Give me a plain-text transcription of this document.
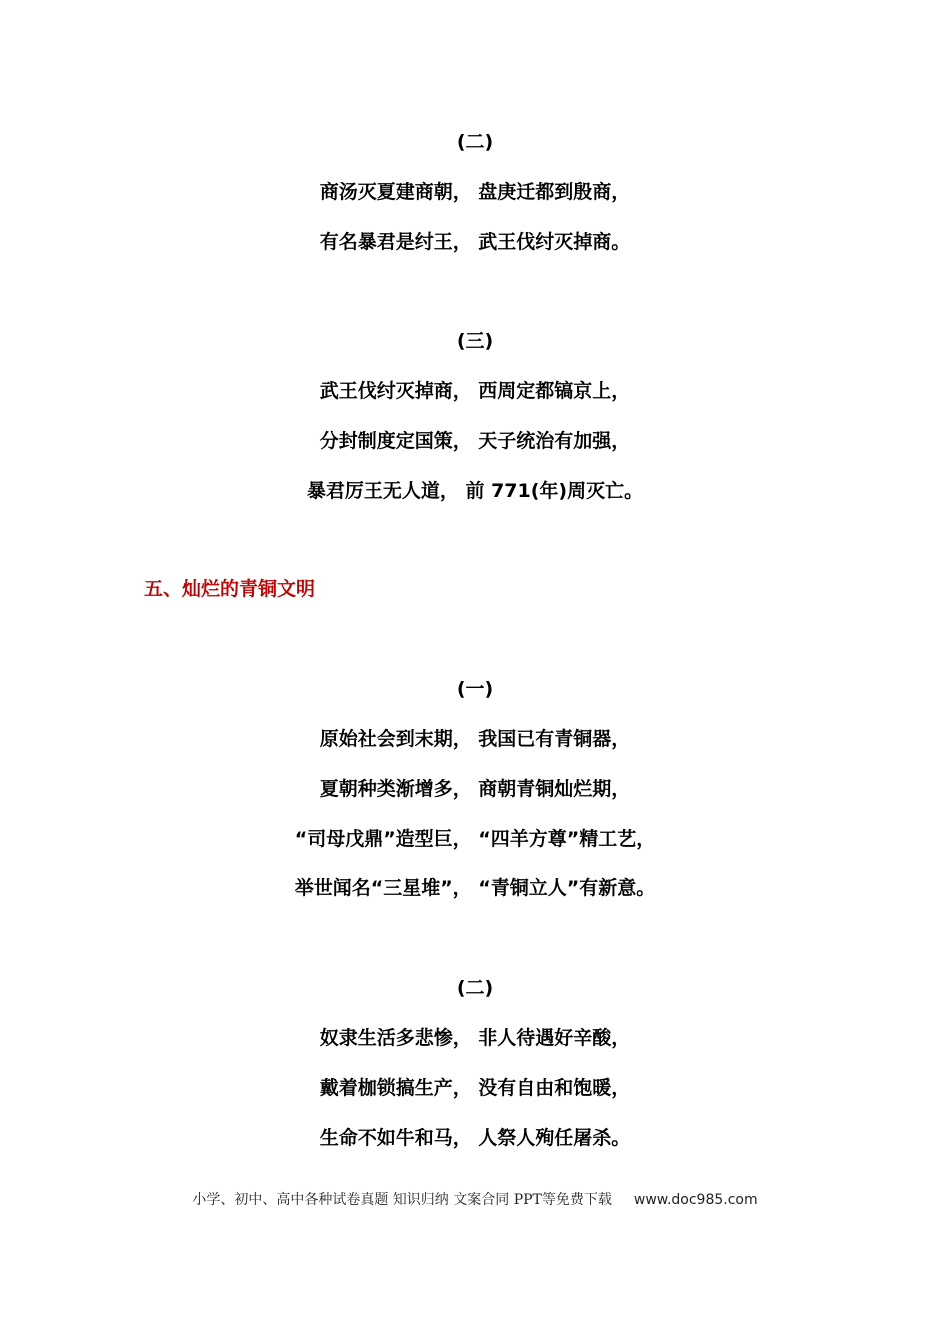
(二)
商汤灭夏建商朝， 盘庚迁都到殷商，
有名暴君是纣王， 武王伐纣灭掉商。
(三)
武王伐纣灭掉商， 西周定都镐京上，
分封制度定国策， 天子统治有加强，
暴君厉王无人道， 前 771(年)周灭亡。
五、灿烂的青铜文明
(一)
原始社会到末期， 我国已有青铜器，
夏朝种类渐增多， 商朝青铜灿烂期，
“司母戊鼎”造型巨， “四羊方尊”精工艺，
举世闻名“三星堆”， “青铜立人”有新意。
(二)
奴隶生活多悲惨， 非人待遇好辛酸，
戴着枷锁搞生产， 没有自由和饱暖，
生命不如牛和马， 人祭人殉任屠杀。
小学、初中、高中各种试卷真题 知识归纳 文案合同 PPT等免费下载 www.doc985.com
